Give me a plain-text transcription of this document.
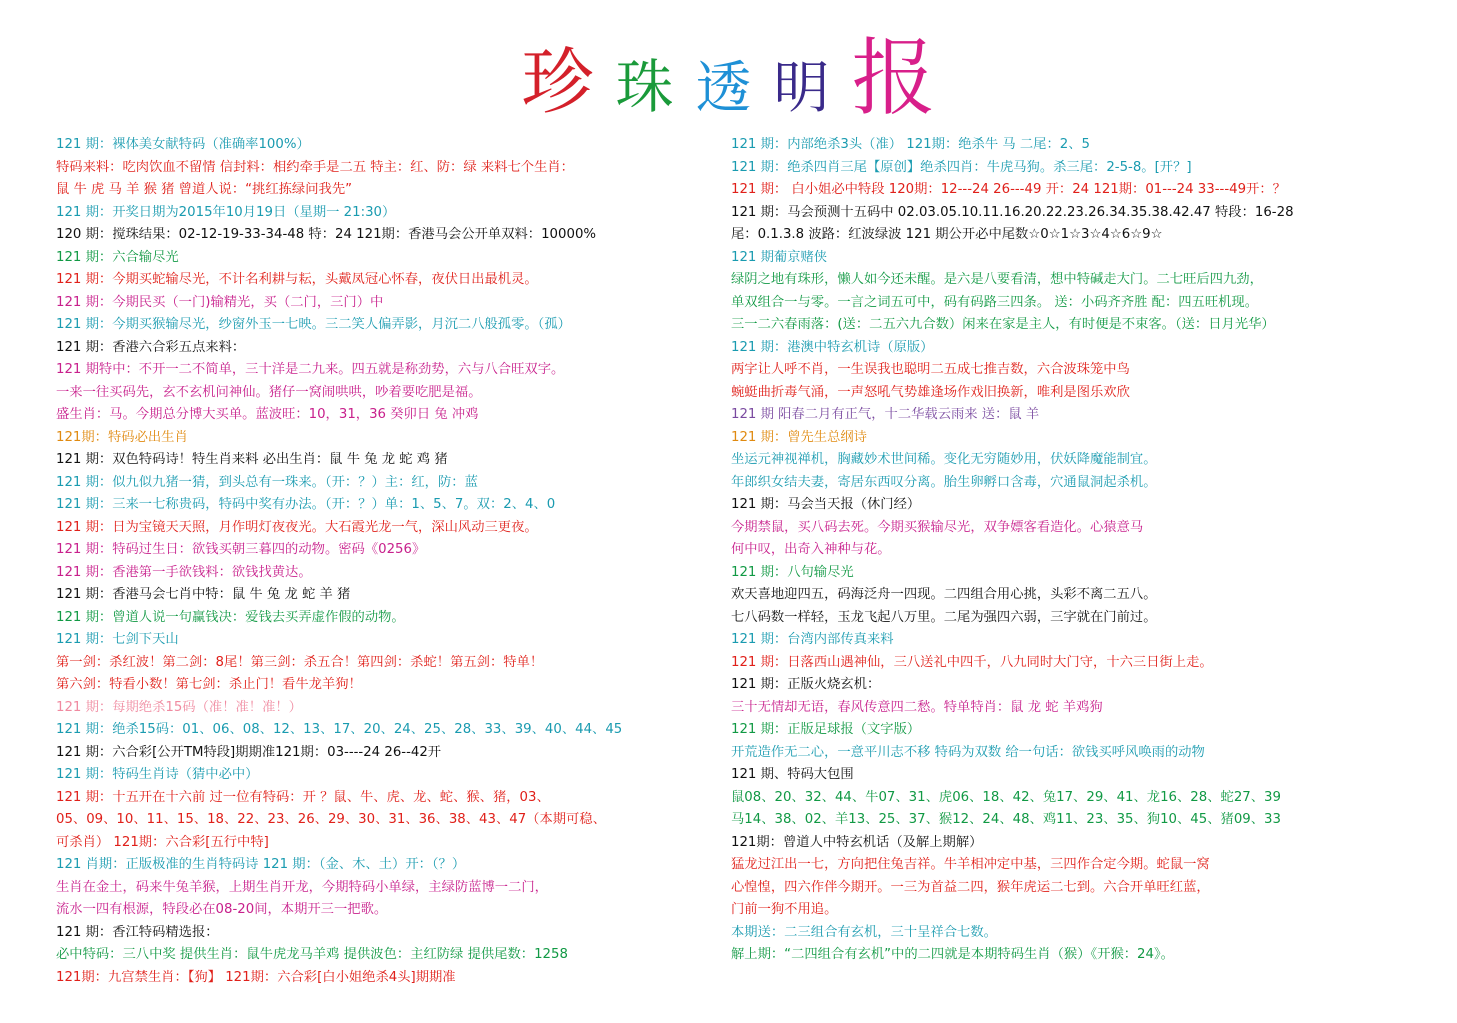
珍 珠 透 明 报
121 期：裸体美女献特码（准确率100%）
特码来料：吃肉饮血不留情 信封料：相约牵手是二五 特主：红、防：绿 来料七个生肖：
鼠 牛 虎 马 羊 猴 猪 曾道人说：“挑红拣绿问我先”
121 期：开奖日期为2015年10月19日（星期一 21:30）
120 期：搅珠结果：02-12-19-33-34-48 特：24 121期：香港马会公开单双料：10000%
121 期：六合输尽光
121 期：今期买蛇输尽光，不计名利耕与耘，头戴凤冠心怀春，夜伏日出最机灵。
121 期：今期民买（一门)输精光，买（二门，三门）中
121 期：今期买猴输尽光，纱窗外玉一七映。三二笑人偏弄影，月沉二八般孤零。（孤）
121 期：香港六合彩五点来料：
121 期特中：不开一二不简单，三十洋是二九来。四五就是称劲势，六与八合旺双字。
一来一往买码先，玄不玄机问神仙。猪仔一窝闹哄哄，吵着要吃肥是福。
盛生肖：马。今期总分博大买单。蓝波旺：10，31，36 癸卯日 兔 冲鸡
121期：特码必出生肖
121 期：双色特码诗！特生肖来料 必出生肖：鼠 牛 兔 龙 蛇 鸡 猪
121 期：似九似九猪一猜，到头总有一珠来。（开：？）主：红，防：蓝
121 期：三来一七称贵码，特码中奖有办法。（开：？）单：1、5、7。双：2、4、0
121 期：日为宝镜天天照，月作明灯夜夜光。大石霞光龙一气，深山风动三更夜。
121 期：特码过生日：欲钱买朝三暮四的动物。密码《0256》
121 期：香港第一手欲钱料：欲钱找黄达。
121 期：香港马会七肖中特：鼠 牛 兔 龙 蛇 羊 猪
121 期：曾道人说一句赢钱决：爱钱去买弄虚作假的动物。
121 期：七剑下天山
第一剑：杀红波！第二剑：8尾！第三剑：杀五合！第四剑：杀蛇！第五剑：特单！
第六剑：特看小数！第七剑：杀止门！看牛龙羊狗！
121 期：每期绝杀15码（准！准！准！）
121 期：绝杀15码：01、06、08、12、13、17、20、24、25、28、33、39、40、44、45
121 期：六合彩[公开TM特段]期期准121期：03----24 26--42开
121 期：特码生肖诗（猜中必中）
121 期：十五开在十六前 过一位有特码：开 ？鼠、牛、虎、龙、蛇、猴、猪，03、
05、09、10、11、15、18、22、23、26、29、30、31、36、38、43、47（本期可稳、
可杀肖） 121期：六合彩[五行中特]
121 肖期：正版极准的生肖特码诗 121 期：（金、木、土）开：（？）
生肖在金土，码来牛兔羊猴，上期生肖开龙，今期特码小单绿，主绿防蓝博一二门，
流水一四有根源，特段必在08-20间，本期开三一把歌。
121 期：香江特码精选报：
必中特码：三八中奖 提供生肖：鼠牛虎龙马羊鸡 提供波色：主红防绿 提供尾数：1258
121期：九宫禁生肖：【狗】 121期：六合彩[白小姐绝杀4头]期期准
121 期：内部绝杀3头（准） 121期：绝杀牛 马 二尾：2、5
121 期：绝杀四肖三尾【原创】绝杀四肖：牛虎马狗。杀三尾：2-5-8。[开？]
121 期： 白小姐必中特段 120期：12---24 26---49 开：24 121期：01---24 33---49开：？
121 期：马会预测十五码中 02.03.05.10.11.16.20.22.23.26.34.35.38.42.47 特段：16-28
尾：0.1.3.8 波路：红波绿波 121 期公开必中尾数☆0☆1☆3☆4☆6☆9☆
121 期葡京赌侠
绿阴之地有珠形，懒人如今还未醒。是六是八要看清，想中特碱走大门。二七旺后四九劲，
单双组合一与零。一言之词五可中，码有码路三四条。 送：小码齐齐胜 配：四五旺机现。
三一二六春雨落：(送：二五六九合数）闲来在家是主人，有时便是不束客。（送：日月光华）
121 期：港澳中特玄机诗（原版）
两字让人呼不肖，一生误我也聪明二五成七推吉数，六合波珠笼中鸟
蜿蜓曲折毒气涌，一声怒吼气势雄逢场作戏旧换新，唯利是图乐欢欣
121 期 阳春二月有正气，十二华载云雨来 送：鼠 羊
121 期：曾先生总纲诗
坐运元神视禅机，胸藏妙术世间稀。变化无穷随妙用，伏妖降魔能制宜。
年郎织女结夫妻，寄居东西叹分离。胎生卵孵口含毒，穴通鼠洞起杀机。
121 期：马会当天报（休门经）
今期禁鼠，买八码去死。今期买猴输尽光，双争嫖客看造化。心猿意马
何中叹，出奇入神种与花。
121 期：八句输尽光
欢天喜地迎四五，码海泛舟一四现。二四组合用心挑，头彩不离二五八。
七八码数一样轻，玉龙飞起八万里。二尾为强四六弱，三字就在门前过。
121 期：台湾内部传真来料
121 期：日落西山遇神仙，三八送礼中四千，八九同时大门守，十六三日街上走。
121 期：正版火烧玄机：
三十无情却无语，春风传意四二愁。特单特肖：鼠 龙 蛇 羊鸡狗
121 期：正版足球报（文字版）
开荒造作无二心，一意平川志不移 特码为双数 给一句话：欲钱买呼风唤雨的动物
121 期、特码大包围
鼠08、20、32、44、牛07、31、虎06、18、42、兔17、29、41、龙16、28、蛇27、39
马14、38、02、羊13、25、37、猴12、24、48、鸡11、23、35、狗10、45、猪09、33
121期：曾道人中特玄机话（及解上期解）
猛龙过江出一七，方向把住兔吉祥。牛羊相冲定中基，三四作合定今期。蛇鼠一窝
心惶惶，四六作伴今期开。一三为首益二四，猴年虎运二七到。六合开单旺红蓝，
门前一狗不用追。
本期送：二三组合有玄机，三十呈祥合七数。
解上期：“二四组合有玄机”中的二四就是本期特码生肖（猴）《开猴：24》。
